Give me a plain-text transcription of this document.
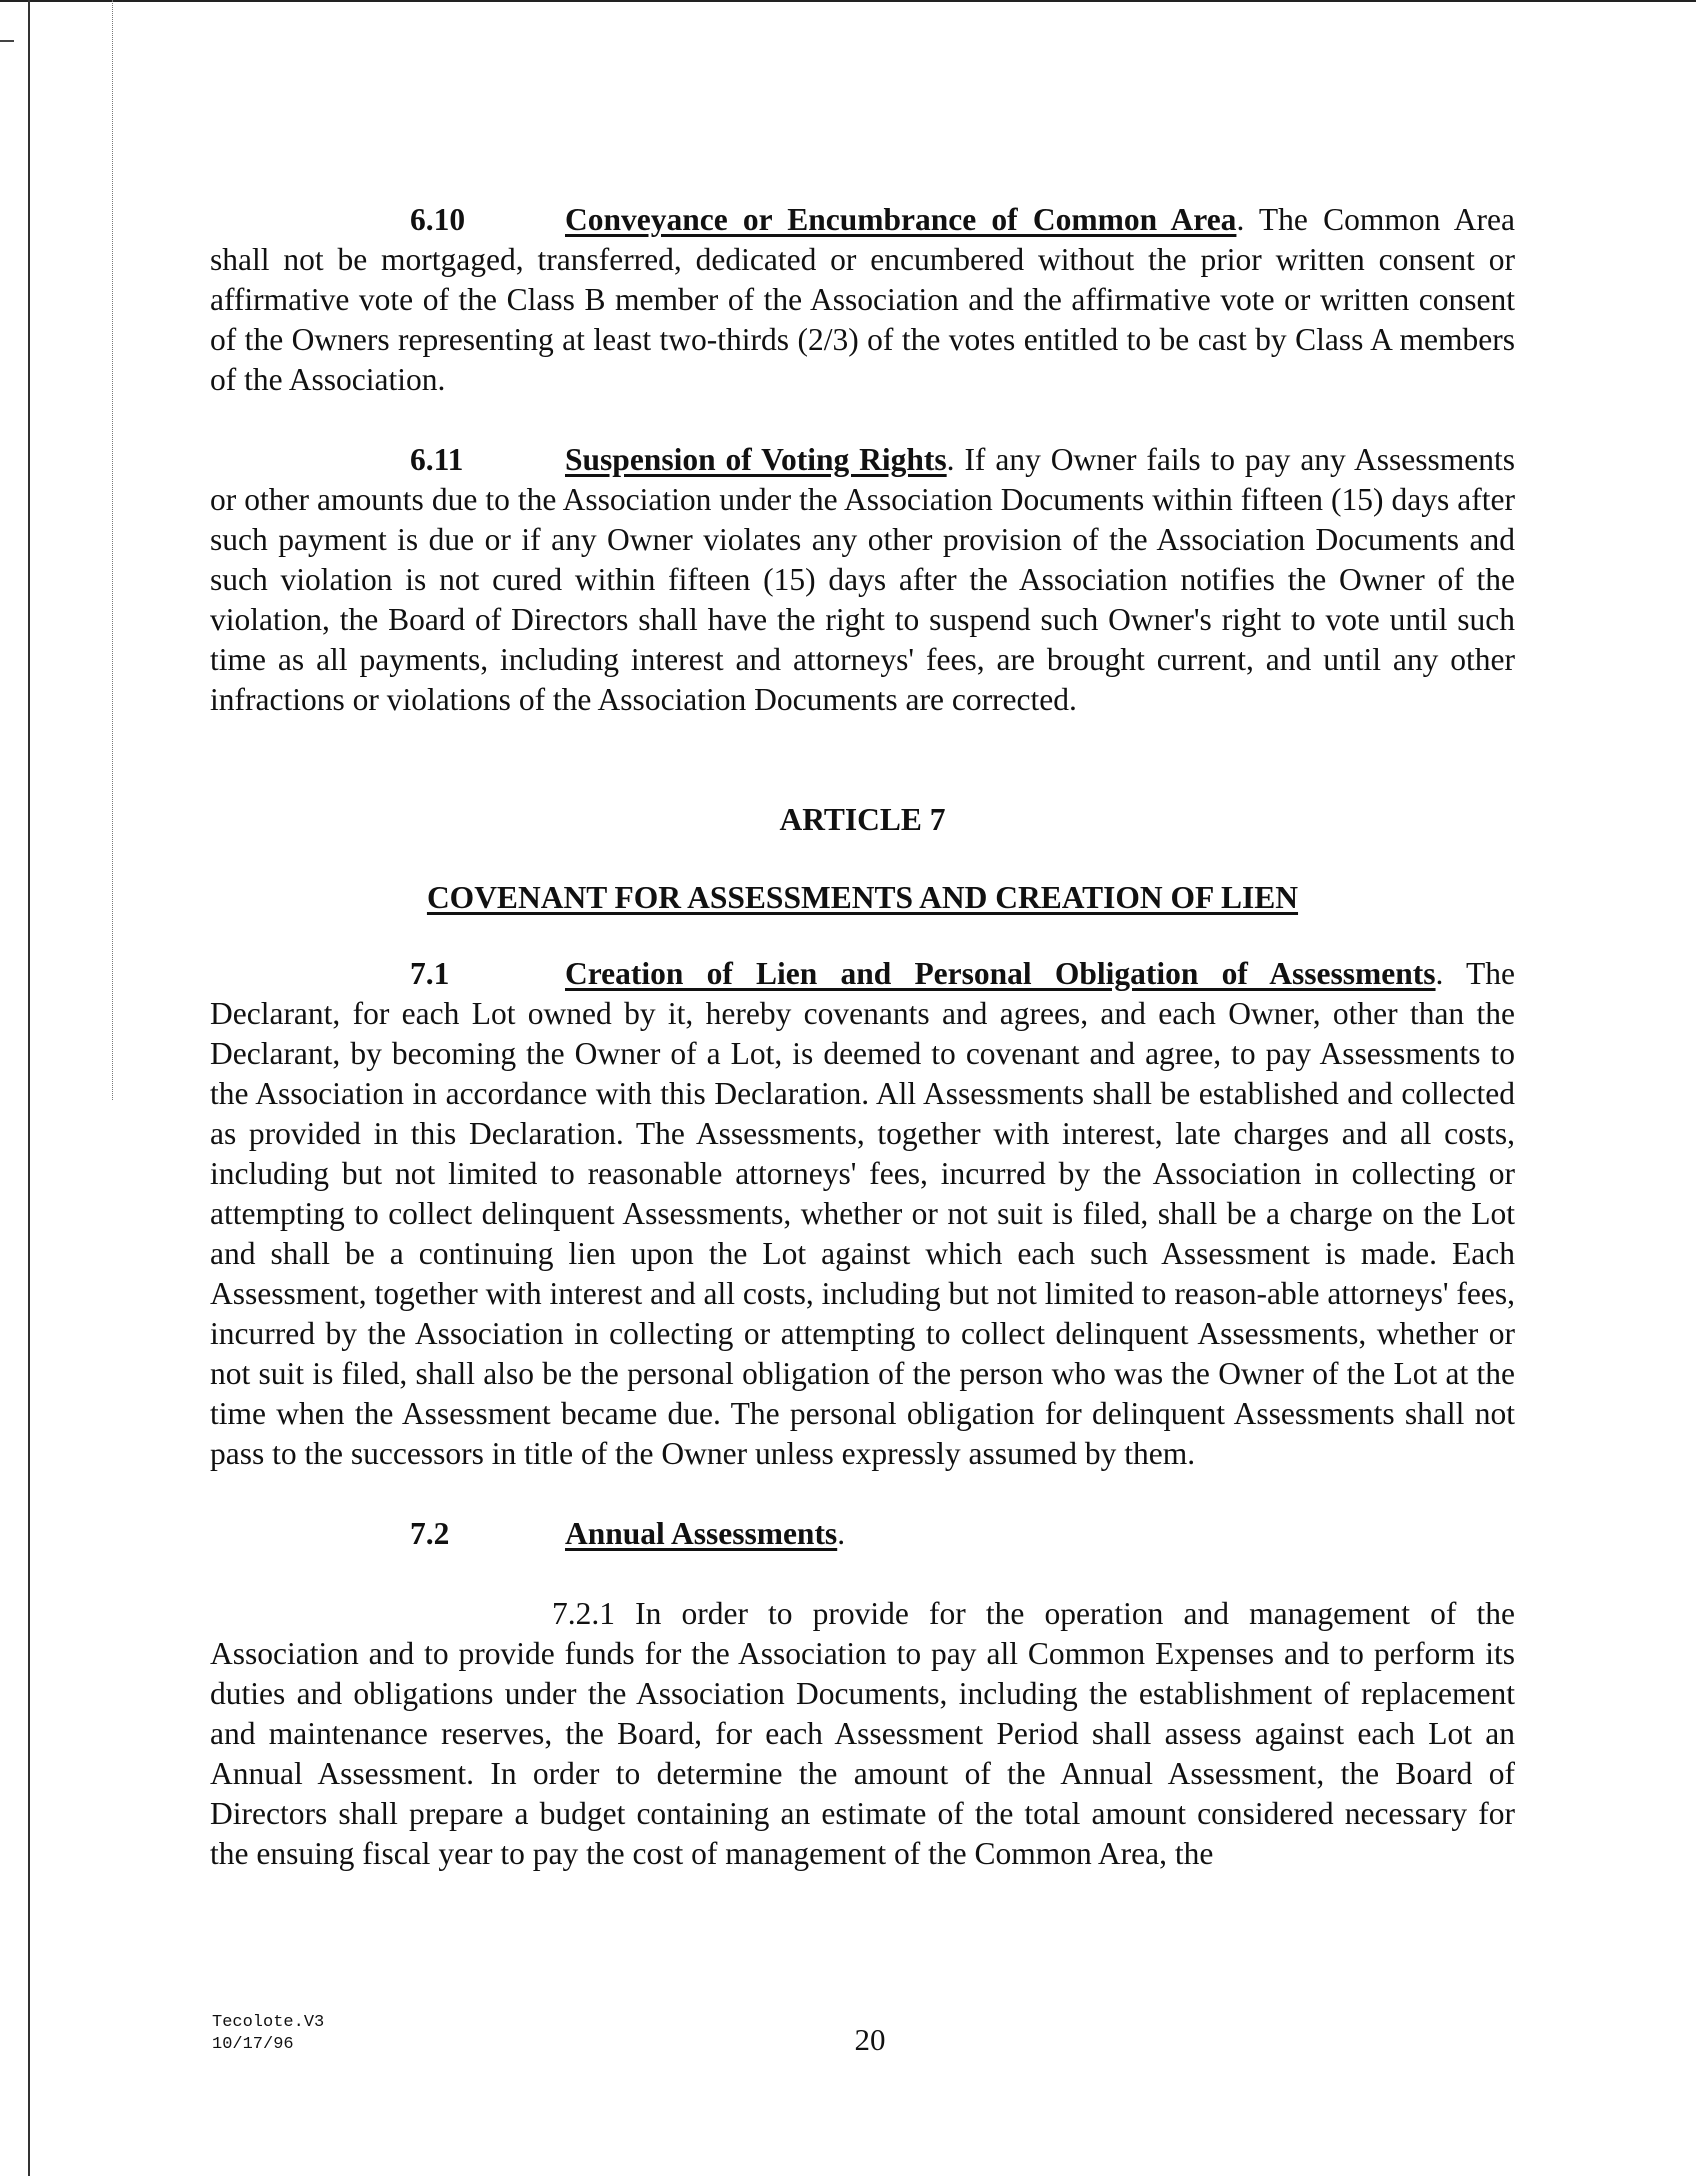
6.10	Conveyance or Encumbrance of Common Area. The Common Area shall not be mortgaged, transferred, dedicated or encumbered without the prior written consent or affirmative vote of the Class B member of the Association and the affirmative vote or written consent of the Owners representing at least two-thirds (2/3) of the votes entitled to be cast by Class A members of the Association.

6.11	Suspension of Voting Rights. If any Owner fails to pay any Assessments or other amounts due to the Association under the Association Documents within fifteen (15) days after such payment is due or if any Owner violates any other provision of the Association Documents and such violation is not cured within fifteen (15) days after the Association notifies the Owner of the violation, the Board of Directors shall have the right to suspend such Owner's right to vote until such time as all payments, including interest and attorneys' fees, are brought current, and until any other infractions or violations of the Association Documents are corrected.

ARTICLE 7

COVENANT FOR ASSESSMENTS AND CREATION OF LIEN

7.1	Creation of Lien and Personal Obligation of Assessments. The Declarant, for each Lot owned by it, hereby covenants and agrees, and each Owner, other than the Declarant, by becoming the Owner of a Lot, is deemed to covenant and agree, to pay Assessments to the Association in accordance with this Declaration. All Assessments shall be established and collected as provided in this Declaration. The Assessments, together with interest, late charges and all costs, including but not limited to reasonable attorneys' fees, incurred by the Association in collecting or attempting to collect delinquent Assessments, whether or not suit is filed, shall be a charge on the Lot and shall be a continuing lien upon the Lot against which each such Assessment is made. Each Assessment, together with interest and all costs, including but not limited to reason-able attorneys' fees, incurred by the Association in collecting or attempting to collect delinquent Assessments, whether or not suit is filed, shall also be the personal obligation of the person who was the Owner of the Lot at the time when the Assessment became due. The personal obligation for delinquent Assessments shall not pass to the successors in title of the Owner unless expressly assumed by them.

7.2	Annual Assessments.

7.2.1 In order to provide for the operation and management of the Association and to provide funds for the Association to pay all Common Expenses and to perform its duties and obligations under the Association Documents, including the establishment of replacement and maintenance reserves, the Board, for each Assessment Period shall assess against each Lot an Annual Assessment. In order to determine the amount of the Annual Assessment, the Board of Directors shall prepare a budget containing an estimate of the total amount considered necessary for the ensuing fiscal year to pay the cost of management of the Common Area, the

Tecolote.V3
10/17/96	20
